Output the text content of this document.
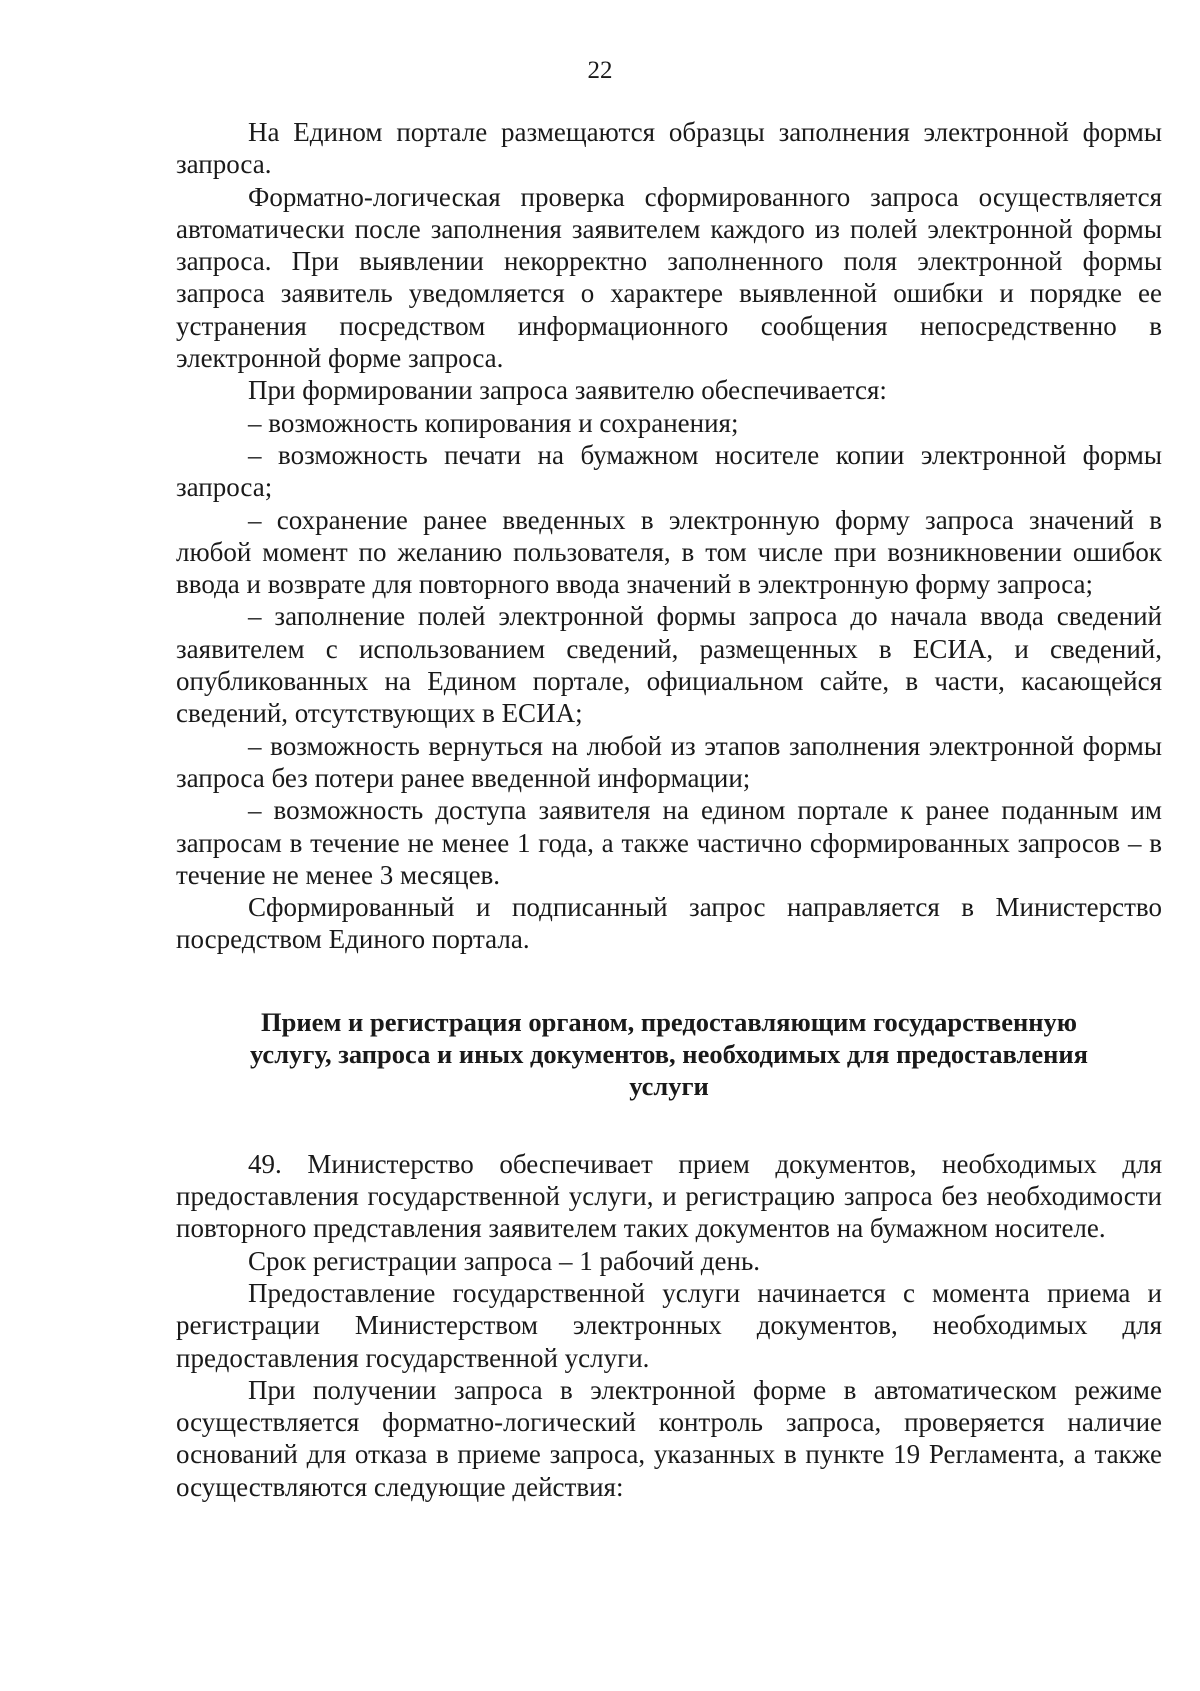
22

На Едином портале размещаются образцы заполнения электронной формы запроса.

Форматно-логическая проверка сформированного запроса осуществляется автоматически после заполнения заявителем каждого из полей электронной формы запроса. При выявлении некорректно заполненного поля электронной формы запроса заявитель уведомляется о характере выявленной ошибки и порядке ее устранения посредством информационного сообщения непосредственно в электронной форме запроса.

При формировании запроса заявителю обеспечивается:

– возможность копирования и сохранения;

– возможность печати на бумажном носителе копии электронной формы запроса;

– сохранение ранее введенных в электронную форму запроса значений в любой момент по желанию пользователя, в том числе при возникновении ошибок ввода и возврате для повторного ввода значений в электронную форму запроса;

– заполнение полей электронной формы запроса до начала ввода сведений заявителем с использованием сведений, размещенных в ЕСИА, и сведений, опубликованных на Едином портале, официальном сайте, в части, касающейся сведений, отсутствующих в ЕСИА;

– возможность вернуться на любой из этапов заполнения электронной формы запроса без потери ранее введенной информации;

– возможность доступа заявителя на едином портале к ранее поданным им запросам в течение не менее 1 года, а также частично сформированных запросов – в течение не менее 3 месяцев.

Сформированный и подписанный запрос направляется в Министерство посредством Единого портала.

Прием и регистрация органом, предоставляющим государственную

услугу, запроса и иных документов, необходимых для предоставления

услуги

49. Министерство обеспечивает прием документов, необходимых для предоставления государственной услуги, и регистрацию запроса без необходимости повторного представления заявителем таких документов на бумажном носителе.

Срок регистрации запроса – 1 рабочий день.

Предоставление государственной услуги начинается с момента приема и регистрации Министерством электронных документов, необходимых для предоставления государственной услуги.

При получении запроса в электронной форме в автоматическом режиме осуществляется форматно-логический контроль запроса, проверяется наличие оснований для отказа в приеме запроса, указанных в пункте 19 Регламента, а также осуществляются следующие действия:
